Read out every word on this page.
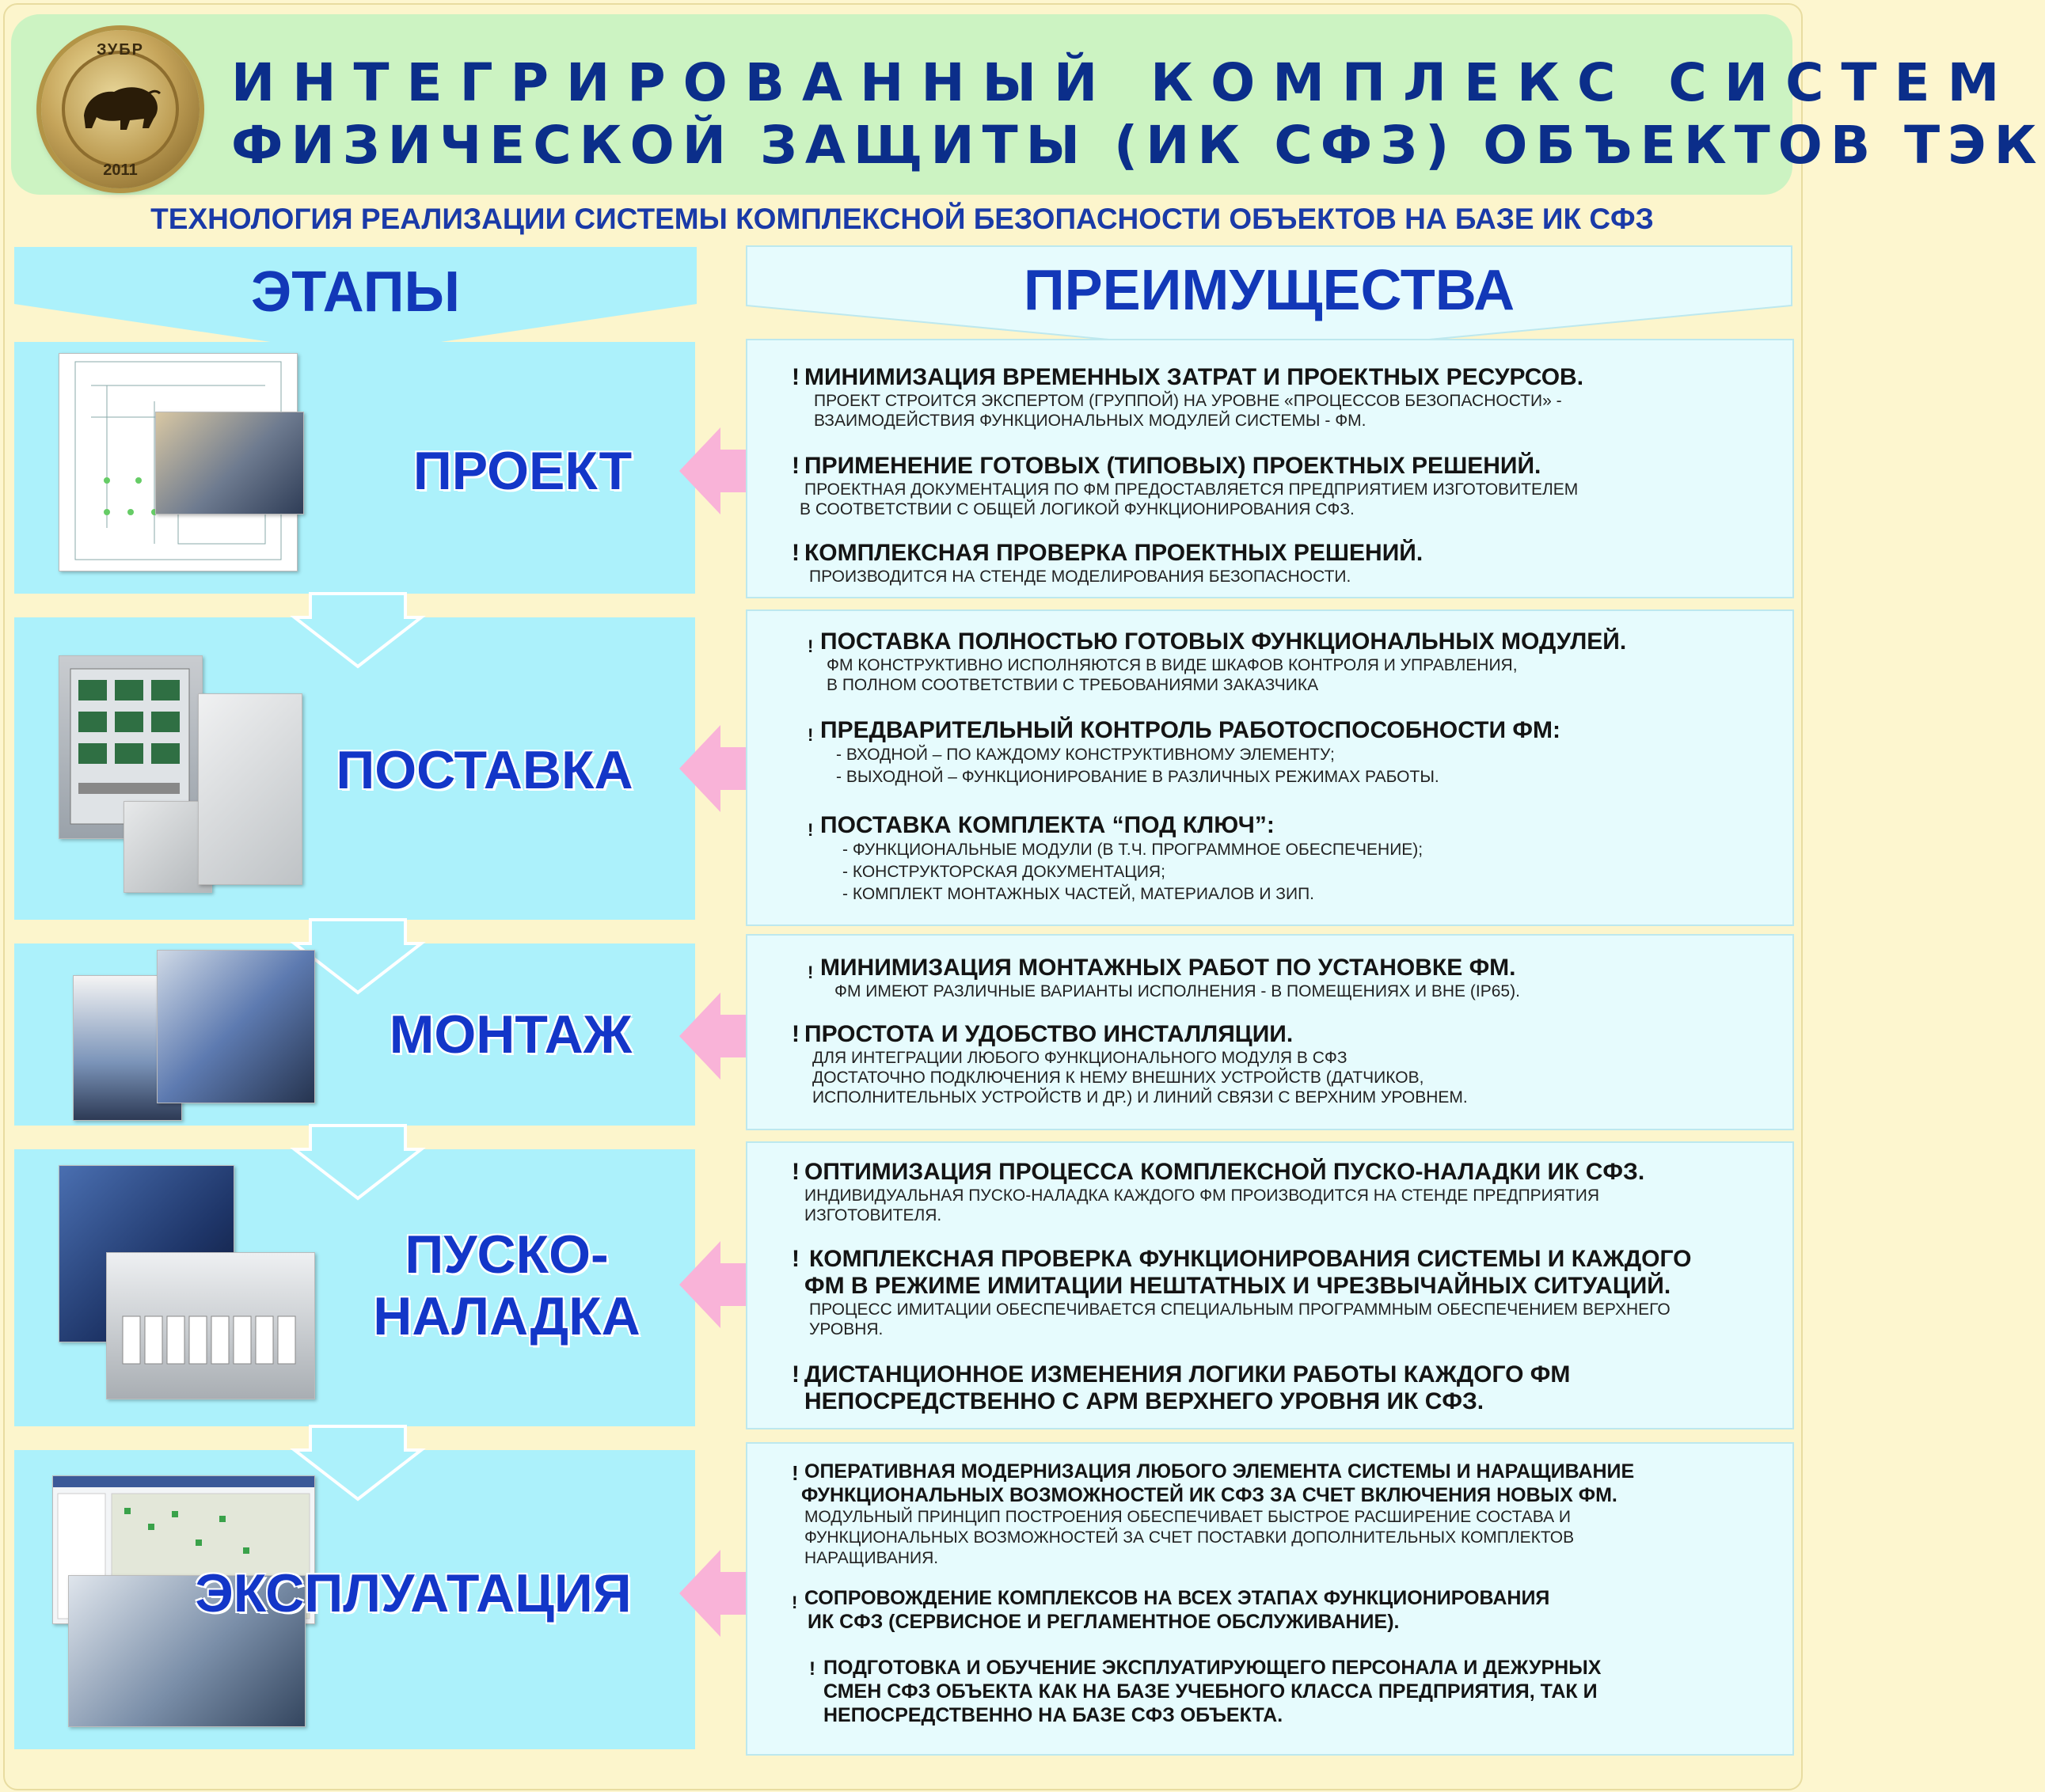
ЗУБР
2011
ИНТЕГРИРОВАННЫЙ КОМПЛЕКС СИСТЕМ
ФИЗИЧЕСКОЙ ЗАЩИТЫ (ИК СФЗ) ОБЪЕКТОВ ТЭК
ТЕХНОЛОГИЯ РЕАЛИЗАЦИИ СИСТЕМЫ КОМПЛЕКСНОЙ БЕЗОПАСНОСТИ ОБЪЕКТОВ НА БАЗЕ ИК СФЗ
ЭТАПЫ	ПРЕИМУЩЕСТВА
ПРОЕКТ
ПОСТАВКА
МОНТАЖ
ПУСКО-
НАЛАДКА
ЭКСПЛУАТАЦИЯ
! МИНИМИЗАЦИЯ ВРЕМЕННЫХ ЗАТРАТ И ПРОЕКТНЫХ РЕСУРСОВ.
ПРОЕКТ СТРОИТСЯ ЭКСПЕРТОМ (ГРУППОЙ) НА УРОВНЕ «ПРОЦЕССОВ БЕЗОПАСНОСТИ» -
ВЗАИМОДЕЙСТВИЯ ФУНКЦИОНАЛЬНЫХ МОДУЛЕЙ СИСТЕМЫ - ФМ.
! ПРИМЕНЕНИЕ ГОТОВЫХ (ТИПОВЫХ) ПРОЕКТНЫХ РЕШЕНИЙ.
ПРОЕКТНАЯ ДОКУМЕНТАЦИЯ ПО ФМ ПРЕДОСТАВЛЯЕТСЯ ПРЕДПРИЯТИЕМ ИЗГОТОВИТЕЛЕМ
В СООТВЕТСТВИИ С ОБЩЕЙ ЛОГИКОЙ ФУНКЦИОНИРОВАНИЯ СФЗ.
! КОМПЛЕКСНАЯ ПРОВЕРКА ПРОЕКТНЫХ РЕШЕНИЙ.
ПРОИЗВОДИТСЯ НА СТЕНДЕ МОДЕЛИРОВАНИЯ БЕЗОПАСНОСТИ.
! ПОСТАВКА ПОЛНОСТЬЮ ГОТОВЫХ ФУНКЦИОНАЛЬНЫХ МОДУЛЕЙ.
ФМ КОНСТРУКТИВНО ИСПОЛНЯЮТСЯ В ВИДЕ ШКАФОВ КОНТРОЛЯ И УПРАВЛЕНИЯ,
В ПОЛНОМ СООТВЕТСТВИИ С ТРЕБОВАНИЯМИ ЗАКАЗЧИКА
! ПРЕДВАРИТЕЛЬНЫЙ КОНТРОЛЬ РАБОТОСПОСОБНОСТИ ФМ:
- ВХОДНОЙ – ПО КАЖДОМУ КОНСТРУКТИВНОМУ ЭЛЕМЕНТУ;
- ВЫХОДНОЙ – ФУНКЦИОНИРОВАНИЕ В РАЗЛИЧНЫХ РЕЖИМАХ РАБОТЫ.
! ПОСТАВКА КОМПЛЕКТА “ПОД КЛЮЧ”:
- ФУНКЦИОНАЛЬНЫЕ МОДУЛИ (В Т.Ч. ПРОГРАММНОЕ ОБЕСПЕЧЕНИЕ);
- КОНСТРУКТОРСКАЯ ДОКУМЕНТАЦИЯ;
- КОМПЛЕКТ МОНТАЖНЫХ ЧАСТЕЙ, МАТЕРИАЛОВ И ЗИП.
! МИНИМИЗАЦИЯ МОНТАЖНЫХ РАБОТ ПО УСТАНОВКЕ ФМ.
ФМ ИМЕЮТ РАЗЛИЧНЫЕ ВАРИАНТЫ ИСПОЛНЕНИЯ - В ПОМЕЩЕНИЯХ И ВНЕ (IP65).
! ПРОСТОТА И УДОБСТВО ИНСТАЛЛЯЦИИ.
ДЛЯ ИНТЕГРАЦИИ ЛЮБОГО ФУНКЦИОНАЛЬНОГО МОДУЛЯ В СФЗ
ДОСТАТОЧНО ПОДКЛЮЧЕНИЯ К НЕМУ ВНЕШНИХ УСТРОЙСТВ (ДАТЧИКОВ,
ИСПОЛНИТЕЛЬНЫХ УСТРОЙСТВ И ДР.) И ЛИНИЙ СВЯЗИ С ВЕРХНИМ УРОВНЕМ.
! ОПТИМИЗАЦИЯ ПРОЦЕССА КОМПЛЕКСНОЙ ПУСКО-НАЛАДКИ ИК СФЗ.
ИНДИВИДУАЛЬНАЯ ПУСКО-НАЛАДКА КАЖДОГО ФМ ПРОИЗВОДИТСЯ НА СТЕНДЕ ПРЕДПРИЯТИЯ
ИЗГОТОВИТЕЛЯ.
! КОМПЛЕКСНАЯ ПРОВЕРКА ФУНКЦИОНИРОВАНИЯ СИСТЕМЫ И КАЖДОГО
ФМ В РЕЖИМЕ ИМИТАЦИИ НЕШТАТНЫХ И ЧРЕЗВЫЧАЙНЫХ СИТУАЦИЙ.
ПРОЦЕСС ИМИТАЦИИ ОБЕСПЕЧИВАЕТСЯ СПЕЦИАЛЬНЫМ ПРОГРАММНЫМ ОБЕСПЕЧЕНИЕМ ВЕРХНЕГО
УРОВНЯ.
! ДИСТАНЦИОННОЕ ИЗМЕНЕНИЯ ЛОГИКИ РАБОТЫ КАЖДОГО ФМ
НЕПОСРЕДСТВЕННО С АРМ ВЕРХНЕГО УРОВНЯ ИК СФЗ.
! ОПЕРАТИВНАЯ МОДЕРНИЗАЦИЯ ЛЮБОГО ЭЛЕМЕНТА СИСТЕМЫ И НАРАЩИВАНИЕ
ФУНКЦИОНАЛЬНЫХ ВОЗМОЖНОСТЕЙ ИК СФЗ ЗА СЧЕТ ВКЛЮЧЕНИЯ НОВЫХ ФМ.
МОДУЛЬНЫЙ ПРИНЦИП ПОСТРОЕНИЯ ОБЕСПЕЧИВАЕТ БЫСТРОЕ РАСШИРЕНИЕ СОСТАВА И
ФУНКЦИОНАЛЬНЫХ ВОЗМОЖНОСТЕЙ ЗА СЧЕТ ПОСТАВКИ ДОПОЛНИТЕЛЬНЫХ КОМПЛЕКТОВ
НАРАЩИВАНИЯ.
! СОПРОВОЖДЕНИЕ КОМПЛЕКСОВ НА ВСЕХ ЭТАПАХ ФУНКЦИОНИРОВАНИЯ
ИК СФЗ (СЕРВИСНОЕ И РЕГЛАМЕНТНОЕ ОБСЛУЖИВАНИЕ).
! ПОДГОТОВКА И ОБУЧЕНИЕ ЭКСПЛУАТИРУЮЩЕГО ПЕРСОНАЛА И ДЕЖУРНЫХ
СМЕН СФЗ ОБЪЕКТА КАК НА БАЗЕ УЧЕБНОГО КЛАССА ПРЕДПРИЯТИЯ, ТАК И
НЕПОСРЕДСТВЕННО НА БАЗЕ СФЗ ОБЪЕКТА.
